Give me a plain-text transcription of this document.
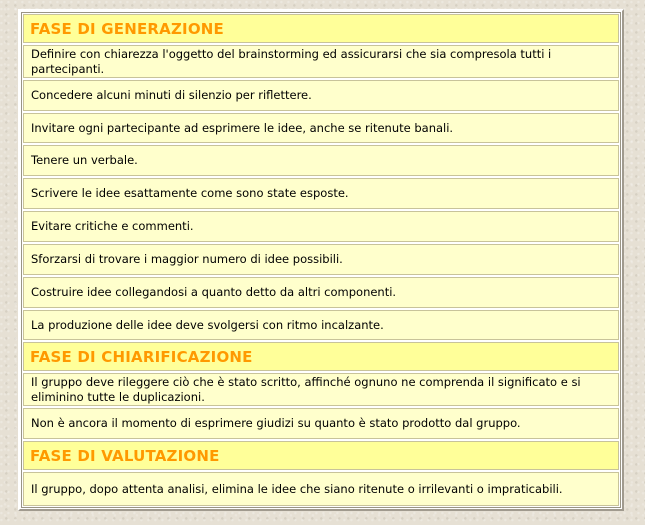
FASE DI GENERAZIONE
Definire con chiarezza l'oggetto del brainstorming ed assicurarsi che sia compresola tutti i partecipanti.
Concedere alcuni minuti di silenzio per riflettere.
Invitare ogni partecipante ad esprimere le idee, anche se ritenute banali.
Tenere un verbale.
Scrivere le idee esattamente come sono state esposte.
Evitare critiche e commenti.
Sforzarsi di trovare i maggior numero di idee possibili.
Costruire idee collegandosi a quanto detto da altri componenti.
La produzione delle idee deve svolgersi con ritmo incalzante.
FASE DI CHIARIFICAZIONE
Il gruppo deve rileggere ciò che è stato scritto, affinché ognuno ne comprenda il significato e si eliminino tutte le duplicazioni.
Non è ancora il momento di esprimere giudizi su quanto è stato prodotto dal gruppo.
FASE DI VALUTAZIONE
Il gruppo, dopo attenta analisi, elimina le idee che siano ritenute o irrilevanti o impraticabili.
